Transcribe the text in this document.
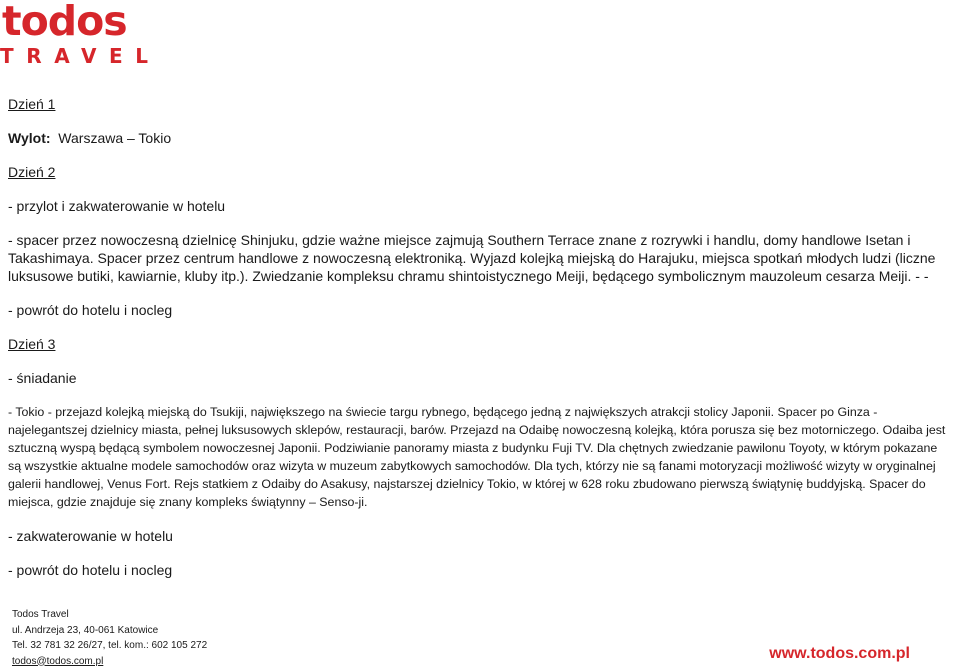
todos
TRAVEL

Dzień 1

Wylot: Warszawa – Tokio

Dzień 2

- przylot i zakwaterowanie w hotelu

- spacer przez nowoczesną dzielnicę Shinjuku, gdzie ważne miejsce zajmują Southern Terrace znane z rozrywki i handlu, domy handlowe Isetan i Takashimaya. Spacer przez centrum handlowe z nowoczesną elektroniką. Wyjazd kolejką miejską do Harajuku, miejsca spotkań młodych ludzi (liczne luksusowe butiki, kawiarnie, kluby itp.). Zwiedzanie kompleksu chramu shintoistycznego Meiji, będącego symbolicznym mauzoleum cesarza Meiji. - -

- powrót do hotelu i nocleg

Dzień 3

- śniadanie

- Tokio - przejazd kolejką miejską do Tsukiji, największego na świecie targu rybnego, będącego jedną z największych atrakcji stolicy Japonii. Spacer po Ginza - najelegantszej dzielnicy miasta, pełnej luksusowych sklepów, restauracji, barów. Przejazd na Odaibę nowoczesną kolejką, która porusza się bez motorniczego. Odaiba jest sztuczną wyspą będącą symbolem nowoczesnej Japonii. Podziwianie panoramy miasta z budynku Fuji TV. Dla chętnych zwiedzanie pawilonu Toyoty, w którym pokazane są wszystkie aktualne modele samochodów oraz wizyta w muzeum zabytkowych samochodów. Dla tych, którzy nie są fanami motoryzacji możliwość wizyty w oryginalnej galerii handlowej, Venus Fort. Rejs statkiem z Odaiby do Asakusy, najstarszej dzielnicy Tokio, w której w 628 roku zbudowano pierwszą świątynię buddyjską. Spacer do miejsca, gdzie znajduje się znany kompleks świątynny – Senso-ji.

- zakwaterowanie w hotelu

- powrót do hotelu i nocleg

Todos Travel
ul. Andrzeja 23, 40-061 Katowice
Tel. 32 781 32 26/27, tel. kom.: 602 105 272
todos@todos.com.pl	www.todos.com.pl
